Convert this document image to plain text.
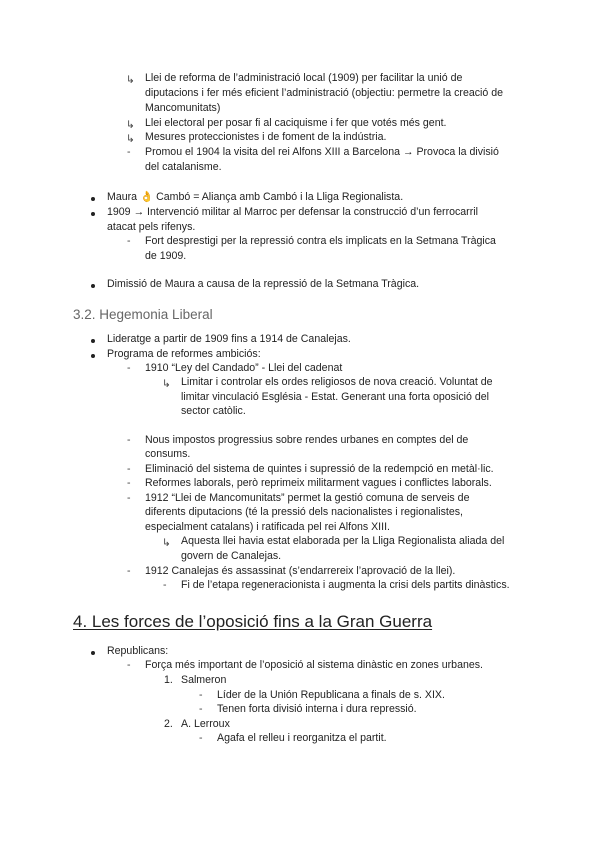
↳ Llei de reforma de l’administració local (1909) per facilitar la unió de
diputacions i fer més eficient l’administració (objectiu: permetre la creació de
Mancomunitats)
↳ Llei electoral per posar fi al caciquisme i fer que votés més gent.
↳ Mesures proteccionistes i de foment de la indústria.
- Promou el 1904 la visita del rei Alfons XIII a Barcelona → Provoca la divisió
del catalanisme.
Maura 👌 Cambó = Aliança amb Cambó i la Lliga Regionalista.
1909 → Intervenció militar al Marroc per defensar la construcció d’un ferrocarril
atacat pels rifenys.
- Fort desprestigi per la repressió contra els implicats en la Setmana Tràgica
de 1909.
Dimissió de Maura a causa de la repressió de la Setmana Tràgica.
3.2. Hegemonia Liberal
Lideratge a partir de 1909 fins a 1914 de Canalejas.
Programa de reformes ambiciós:
- 1910 “Ley del Candado” - Llei del cadenat
↳ Limitar i controlar els ordes religiosos de nova creació. Voluntat de
limitar vinculació Església - Estat. Generant una forta oposició del
sector catòlic.
- Nous impostos progressius sobre rendes urbanes en comptes del de
consums.
- Eliminació del sistema de quintes i supressió de la redempció en metàl·lic.
- Reformes laborals, però reprimeix militarment vagues i conflictes laborals.
- 1912 “Llei de Mancomunitats” permet la gestió comuna de serveis de
diferents diputacions (té la pressió dels nacionalistes i regionalistes,
especialment catalans) i ratificada pel rei Alfons XIII.
↳ Aquesta llei havia estat elaborada per la Lliga Regionalista aliada del
govern de Canalejas.
- 1912 Canalejas és assassinat (s’endarrereix l’aprovació de la llei).
- Fi de l’etapa regeneracionista i augmenta la crisi dels partits dinàstics.
4. Les forces de l’oposició fins a la Gran Guerra
Republicans:
- Força més important de l’oposició al sistema dinàstic en zones urbanes.
1. Salmeron
- Líder de la Unión Republicana a finals de s. XIX.
- Tenen forta divisió interna i dura repressió.
2. A. Lerroux
- Agafa el relleu i reorganitza el partit.
